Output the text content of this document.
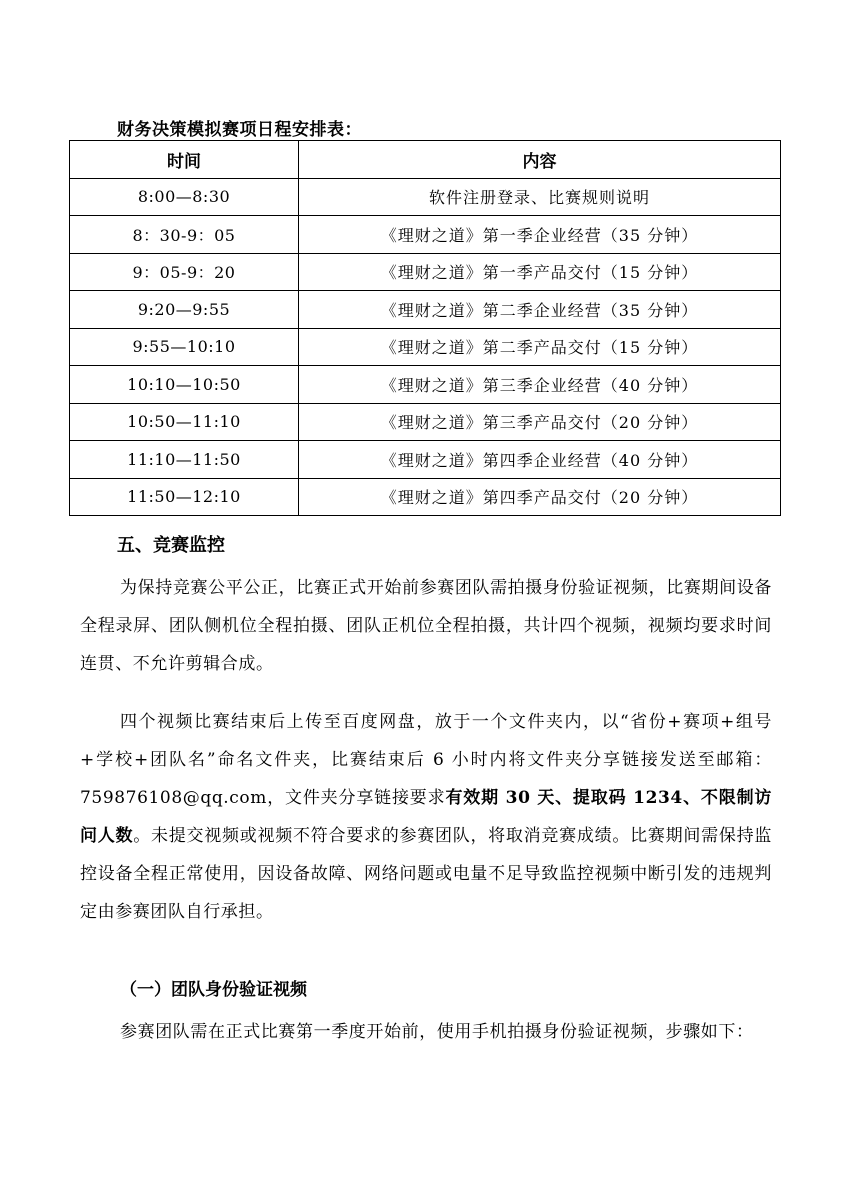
财务决策模拟赛项日程安排表：
时间	内容
8:00—8:30	软件注册登录、比赛规则说明
8：30-9：05	《理财之道》第一季企业经营（35 分钟）
9：05-9：20	《理财之道》第一季产品交付（15 分钟）
9:20—9:55	《理财之道》第二季企业经营（35 分钟）
9:55—10:10	《理财之道》第二季产品交付（15 分钟）
10:10—10:50	《理财之道》第三季企业经营（40 分钟）
10:50—11:10	《理财之道》第三季产品交付（20 分钟）
11:10—11:50	《理财之道》第四季企业经营（40 分钟）
11:50—12:10	《理财之道》第四季产品交付（20 分钟）
五、竞赛监控

为保持竞赛公平公正，比赛正式开始前参赛团队需拍摄身份验证视频，比赛期间设备全程录屏、团队侧机位全程拍摄、团队正机位全程拍摄，共计四个视频，视频均要求时间连贯、不允许剪辑合成。

四个视频比赛结束后上传至百度网盘，放于一个文件夹内，以“省份+赛项+组号+学校+团队名”命名文件夹，比赛结束后 6 小时内将文件夹分享链接发送至邮箱：759876108@qq.com，文件夹分享链接要求有效期 30 天、提取码 1234、不限制访问人数。未提交视频或视频不符合要求的参赛团队，将取消竞赛成绩。比赛期间需保持监控设备全程正常使用，因设备故障、网络问题或电量不足导致监控视频中断引发的违规判定由参赛团队自行承担。

（一）团队身份验证视频

参赛团队需在正式比赛第一季度开始前，使用手机拍摄身份验证视频，步骤如下：
